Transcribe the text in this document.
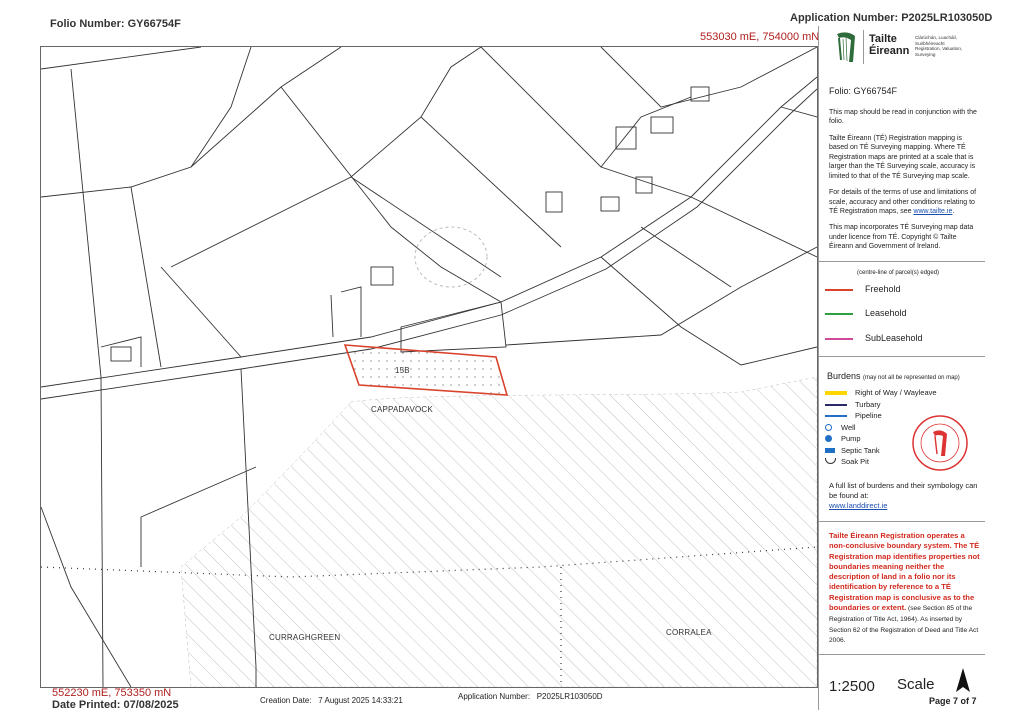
Folio Number: GY66754F	Application Number: P2025LR103050D
553030 mE, 754000 mN
15B
CAPPADAVOCK
CURRAGHGREEN
CORRALEA
Tailte
Éireann
Clárúchán, Luacháil,
Suirbhéireacht
Registration, Valuation,
Surveying
Folio: GY66754F

This map should be read in conjunction with the folio.

Tailte Éireann (TÉ) Registration mapping is based on TÉ Surveying mapping. Where TÉ Registration maps are printed at a scale that is larger than the TÉ Surveying scale, accuracy is limited to that of the TÉ Surveying map scale.

For details of the terms of use and limitations of scale, accuracy and other conditions relating to TÉ Registration maps, see www.tailte.ie.

This map incorporates TÉ Surveying map data under licence from TÉ. Copyright © Tailte Éireann and Government of Ireland.

(centre-line of parcel(s) edged)
Freehold
Leasehold
SubLeasehold
Burdens (may not all be represented on map)
Right of Way / Wayleave
Turbary
Pipeline
Well
Pump
Septic Tank
Soak Pit
A full list of burdens and their symbology can be found at:
www.landdirect.ie
Tailte Éireann Registration operates a non-conclusive boundary system. The TÉ Registration map identifies properties not boundaries meaning neither the description of land in a folio nor its identification by reference to a TÉ Registration map is conclusive as to the boundaries or extent. (see Section 85 of the Registration of Title Act, 1964). As inserted by Section 62 of the Registration of Deed and Title Act 2006.
1:2500 Scale
Page 7 of 7
552230 mE, 753350 mN
Date Printed: 07/08/2025	Creation Date: 7 August 2025 14:33:21	Application Number: P2025LR103050D
